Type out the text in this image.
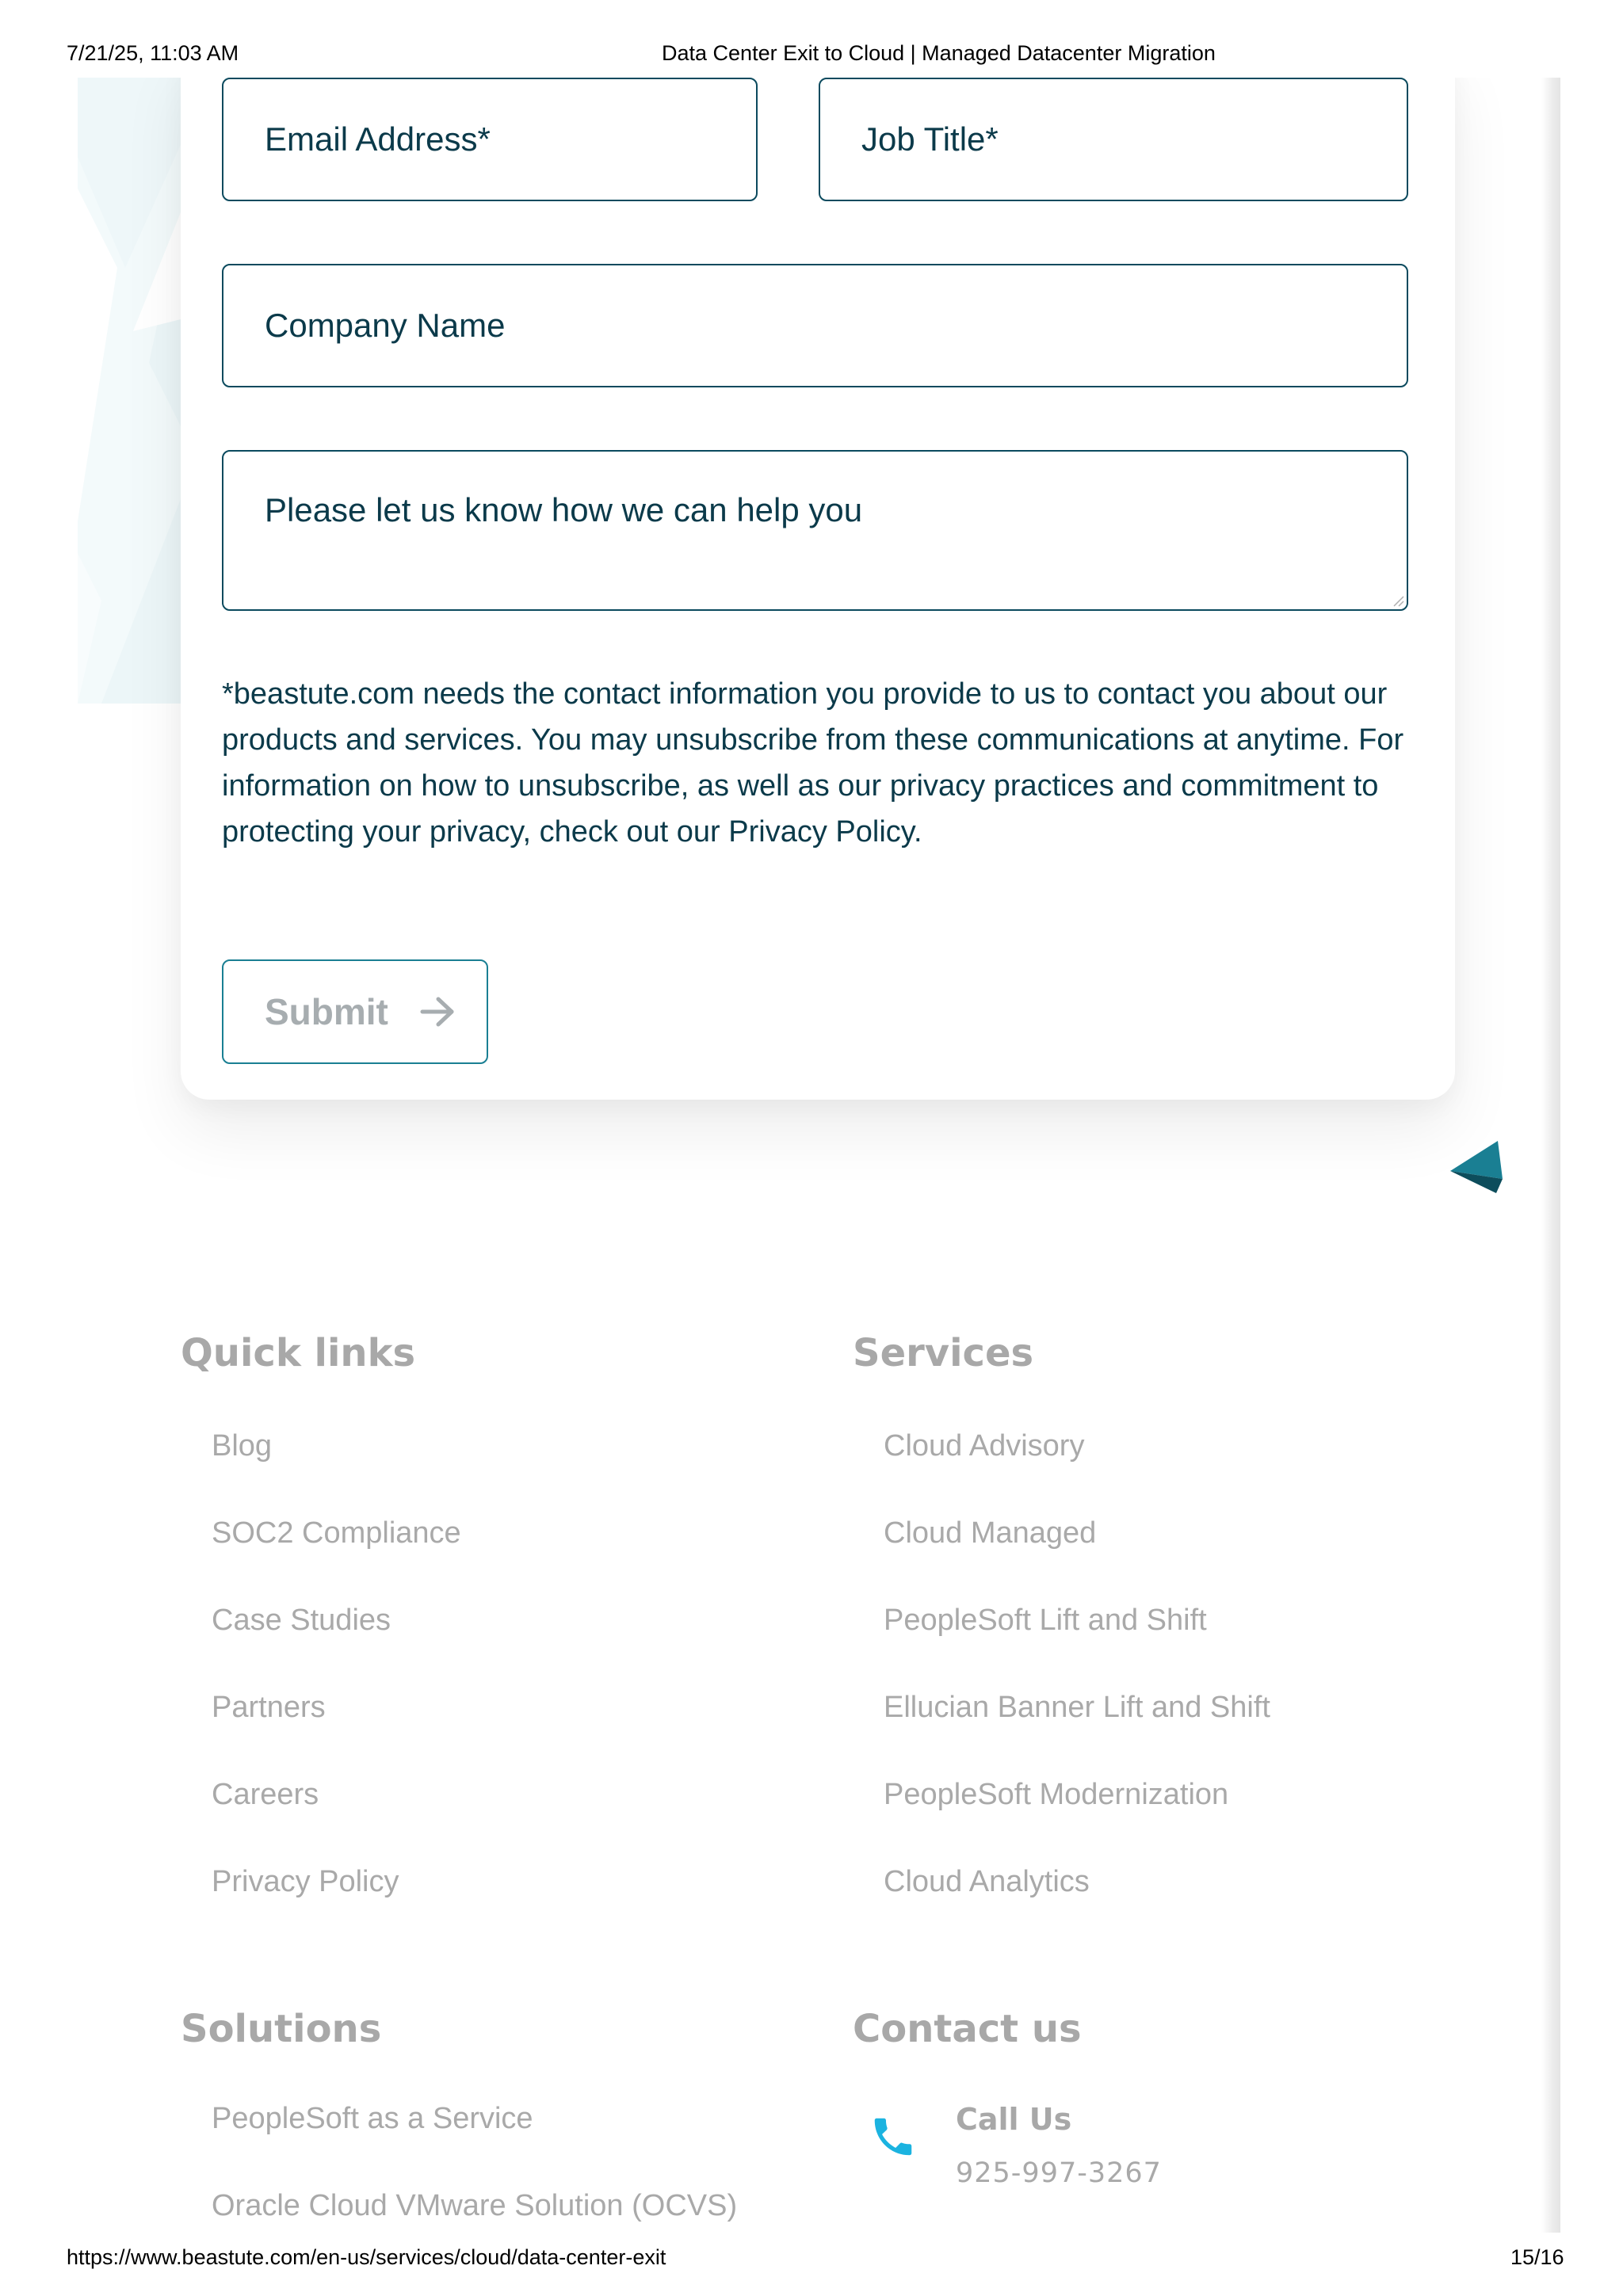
7/21/25, 11:03 AM	Data Center Exit to Cloud | Managed Datacenter Migration
Email Address*
Job Title*
Company Name
Please let us know how we can help you

*beastute.com needs the contact information you provide to us to contact you about our products and services. You may unsubscribe from these communications at anytime. For information on how to unsubscribe, as well as our privacy practices and commitment to protecting your privacy, check out our Privacy Policy.

Submit
Quick links
Blog
SOC2 Compliance
Case Studies
Partners
Careers
Privacy Policy
Services
Cloud Advisory
Cloud Managed
PeopleSoft Lift and Shift
Ellucian Banner Lift and Shift
PeopleSoft Modernization
Cloud Analytics
Solutions
PeopleSoft as a Service
Oracle Cloud VMware Solution (OCVS)
Contact us
Call Us
925-997-3267
https://www.beastute.com/en-us/services/cloud/data-center-exit	15/16
